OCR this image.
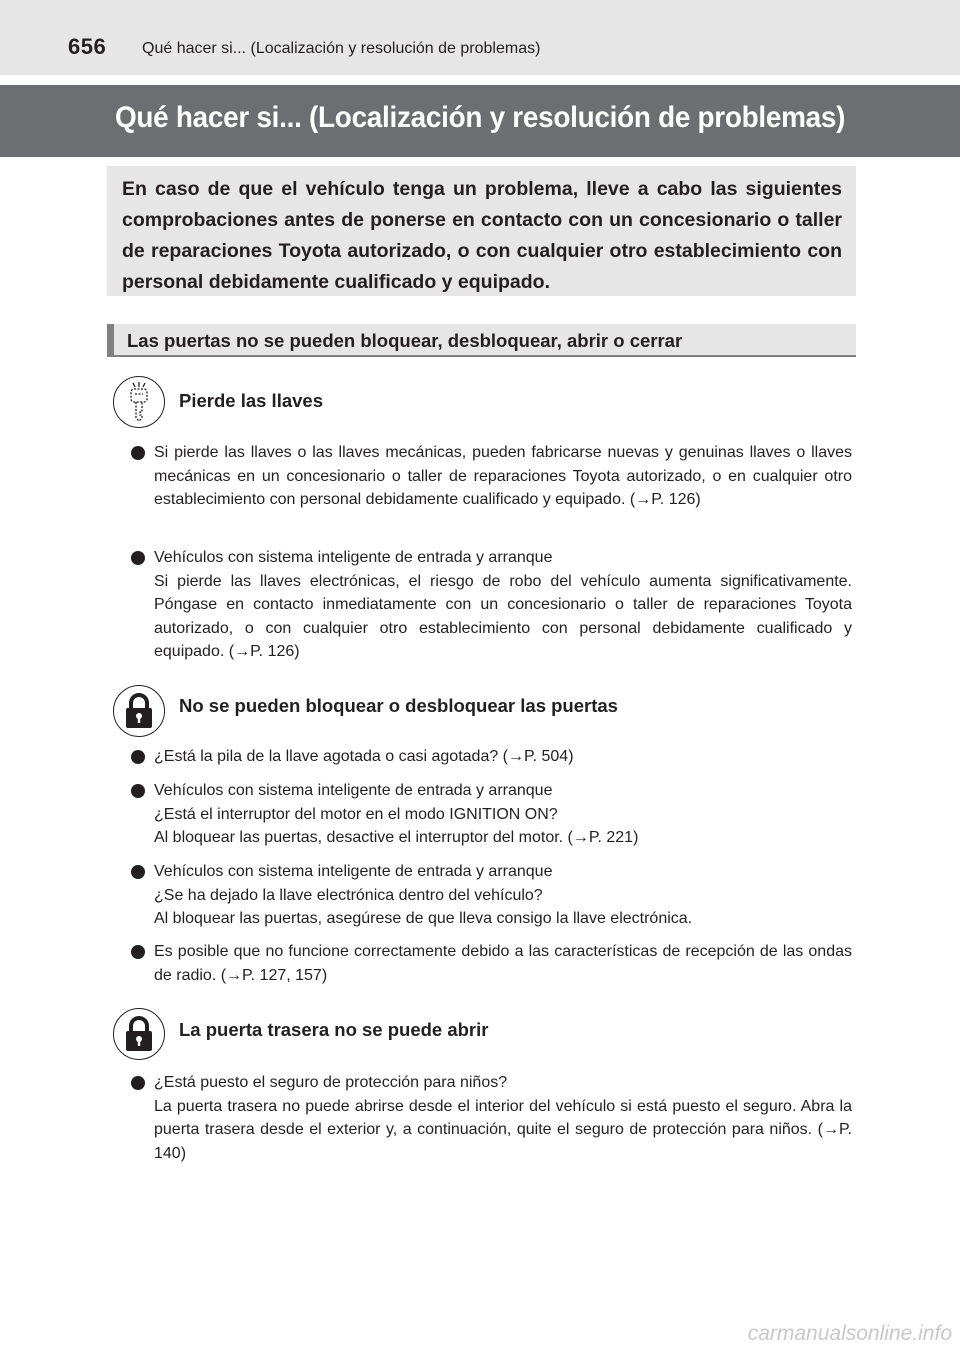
656 Qué hacer si... (Localización y resolución de problemas)
Qué hacer si... (Localización y resolución de problemas)
En caso de que el vehículo tenga un problema, lleve a cabo las siguientes comprobaciones antes de ponerse en contacto con un concesionario o taller de reparaciones Toyota autorizado, o con cualquier otro establecimiento con personal debidamente cualificado y equipado.
Las puertas no se pueden bloquear, desbloquear, abrir o cerrar
Pierde las llaves
Si pierde las llaves o las llaves mecánicas, pueden fabricarse nuevas y genuinas llaves o llaves mecánicas en un concesionario o taller de reparaciones Toyota autorizado, o en cualquier otro establecimiento con personal debidamente cualificado y equipado. (→P. 126)
Vehículos con sistema inteligente de entrada y arranque
Si pierde las llaves electrónicas, el riesgo de robo del vehículo aumenta significativamente. Póngase en contacto inmediatamente con un concesionario o taller de reparaciones Toyota autorizado, o con cualquier otro establecimiento con personal debidamente cualificado y equipado. (→P. 126)
No se pueden bloquear o desbloquear las puertas
¿Está la pila de la llave agotada o casi agotada? (→P. 504)
Vehículos con sistema inteligente de entrada y arranque
¿Está el interruptor del motor en el modo IGNITION ON?
Al bloquear las puertas, desactive el interruptor del motor. (→P. 221)
Vehículos con sistema inteligente de entrada y arranque
¿Se ha dejado la llave electrónica dentro del vehículo?
Al bloquear las puertas, asegúrese de que lleva consigo la llave electrónica.
Es posible que no funcione correctamente debido a las características de recepción de las ondas de radio. (→P. 127, 157)
La puerta trasera no se puede abrir
¿Está puesto el seguro de protección para niños?
La puerta trasera no puede abrirse desde el interior del vehículo si está puesto el seguro. Abra la puerta trasera desde el exterior y, a continuación, quite el seguro de protección para niños. (→P. 140)
carmanualsonline.info
